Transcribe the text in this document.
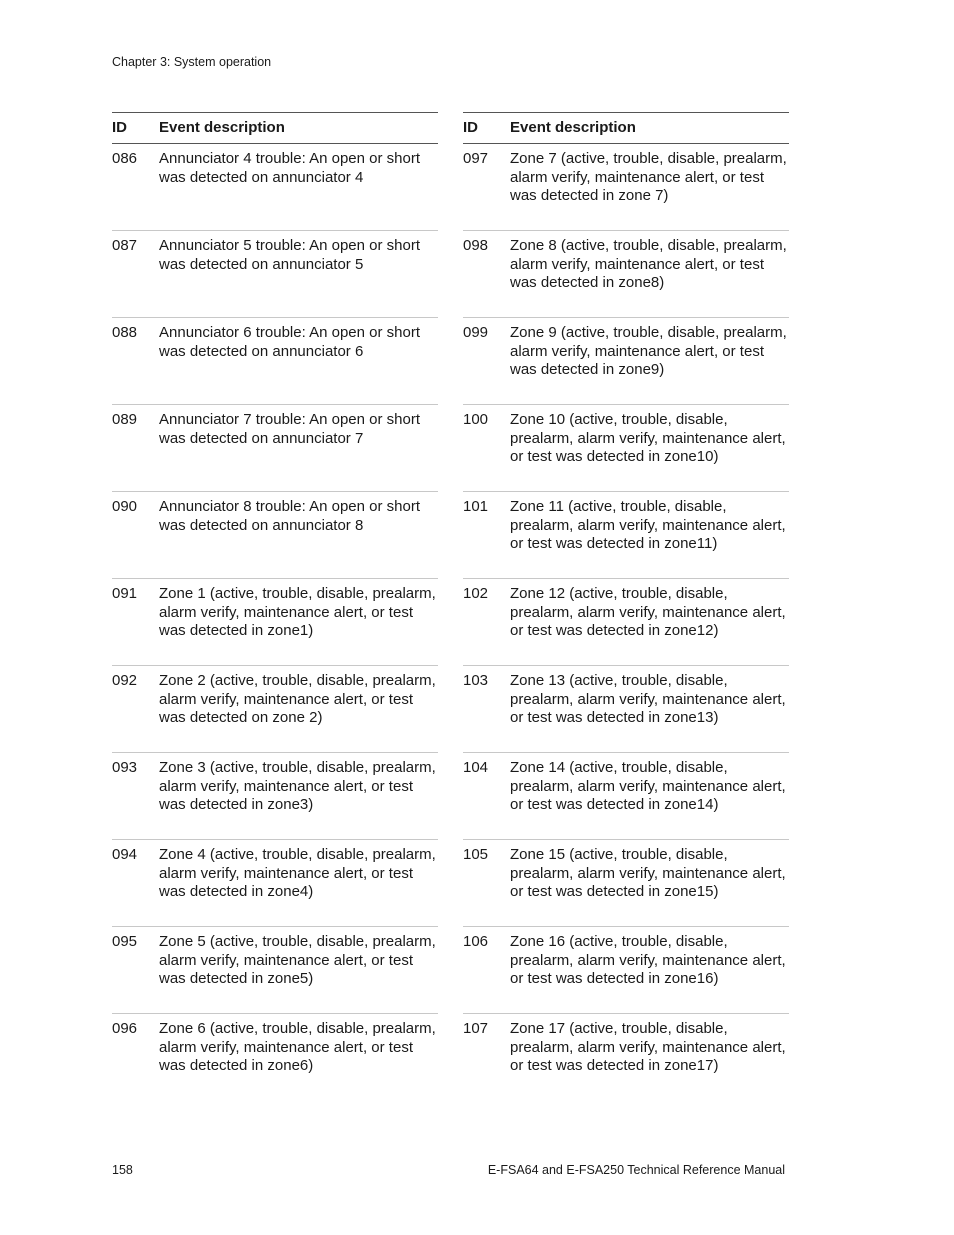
Chapter 3: System operation
ID	Event description
086	Annunciator 4 trouble: An open or short was detected on annunciator 4
087	Annunciator 5 trouble: An open or short was detected on annunciator 5
088	Annunciator 6 trouble: An open or short was detected on annunciator 6
089	Annunciator 7 trouble: An open or short was detected on annunciator 7
090	Annunciator 8 trouble: An open or short was detected on annunciator 8
091	Zone 1 (active, trouble, disable, prealarm, alarm verify, maintenance alert, or test was detected in zone1)
092	Zone 2 (active, trouble, disable, prealarm, alarm verify, maintenance alert, or test was detected on zone 2)
093	Zone 3 (active, trouble, disable, prealarm, alarm verify, maintenance alert, or test was detected in zone3)
094	Zone 4 (active, trouble, disable, prealarm, alarm verify, maintenance alert, or test was detected in zone4)
095	Zone 5 (active, trouble, disable, prealarm, alarm verify, maintenance alert, or test was detected in zone5)
096	Zone 6 (active, trouble, disable, prealarm, alarm verify, maintenance alert, or test was detected in zone6)
ID	Event description
097	Zone 7 (active, trouble, disable, prealarm, alarm verify, maintenance alert, or test was detected in zone 7)
098	Zone 8 (active, trouble, disable, prealarm, alarm verify, maintenance alert, or test was detected in zone8)
099	Zone 9 (active, trouble, disable, prealarm, alarm verify, maintenance alert, or test was detected in zone9)
100	Zone 10 (active, trouble, disable, prealarm, alarm verify, maintenance alert, or test was detected in zone10)
101	Zone 11 (active, trouble, disable, prealarm, alarm verify, maintenance alert, or test was detected in zone11)
102	Zone 12 (active, trouble, disable, prealarm, alarm verify, maintenance alert, or test was detected in zone12)
103	Zone 13 (active, trouble, disable, prealarm, alarm verify, maintenance alert, or test was detected in zone13)
104	Zone 14 (active, trouble, disable, prealarm, alarm verify, maintenance alert, or test was detected in zone14)
105	Zone 15 (active, trouble, disable, prealarm, alarm verify, maintenance alert, or test was detected in zone15)
106	Zone 16 (active, trouble, disable, prealarm, alarm verify, maintenance alert, or test was detected in zone16)
107	Zone 17 (active, trouble, disable, prealarm, alarm verify, maintenance alert, or test was detected in zone17)
158	E-FSA64 and E-FSA250 Technical Reference Manual
